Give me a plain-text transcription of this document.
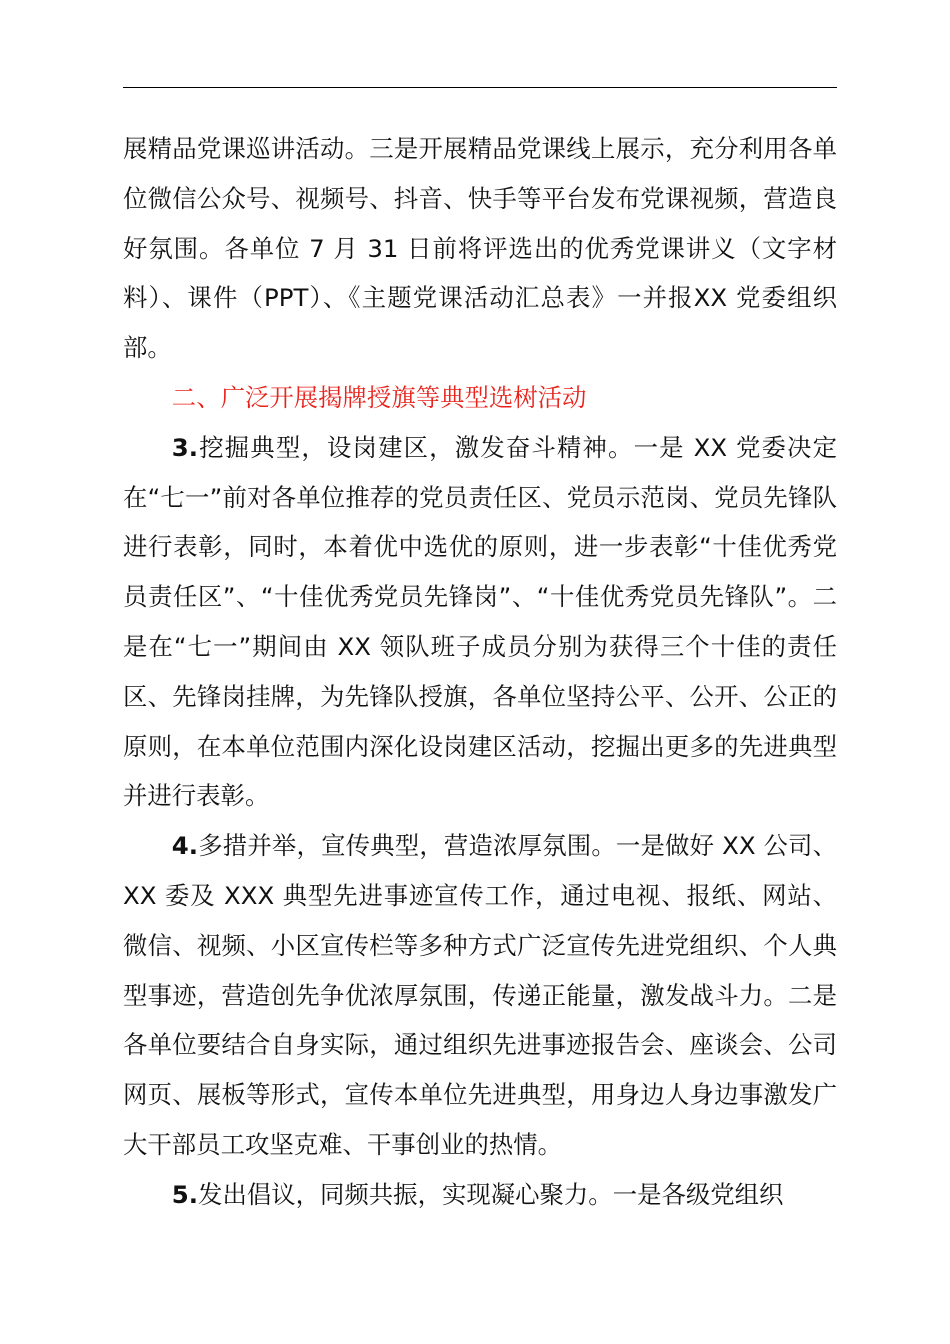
展精品党课巡讲活动。三是开展精品党课线上展示，充分利用各单位微信公众号、视频号、抖音、快手等平台发布党课视频，营造良好氛围。各单位 7 月 31 日前将评选出的优秀党课讲义（文字材料）、课件（PPT）、《主题党课活动汇总表》一并报XX 党委组织部。

二、广泛开展揭牌授旗等典型选树活动

3.挖掘典型，设岗建区，激发奋斗精神。一是 XX 党委决定在“七一”前对各单位推荐的党员责任区、党员示范岗、党员先锋队进行表彰，同时，本着优中选优的原则，进一步表彰“十佳优秀党员责任区”、“十佳优秀党员先锋岗”、“十佳优秀党员先锋队”。二是在“七一”期间由 XX 领队班子成员分别为获得三个十佳的责任区、先锋岗挂牌，为先锋队授旗，各单位坚持公平、公开、公正的原则，在本单位范围内深化设岗建区活动，挖掘出更多的先进典型并进行表彰。

4.多措并举，宣传典型，营造浓厚氛围。一是做好 XX 公司、XX 委及 XXX 典型先进事迹宣传工作，通过电视、报纸、网站、微信、视频、小区宣传栏等多种方式广泛宣传先进党组织、个人典型事迹，营造创先争优浓厚氛围，传递正能量，激发战斗力。二是各单位要结合自身实际，通过组织先进事迹报告会、座谈会、公司网页、展板等形式，宣传本单位先进典型，用身边人身边事激发广大干部员工攻坚克难、干事创业的热情。

5.发出倡议，同频共振，实现凝心聚力。一是各级党组织
